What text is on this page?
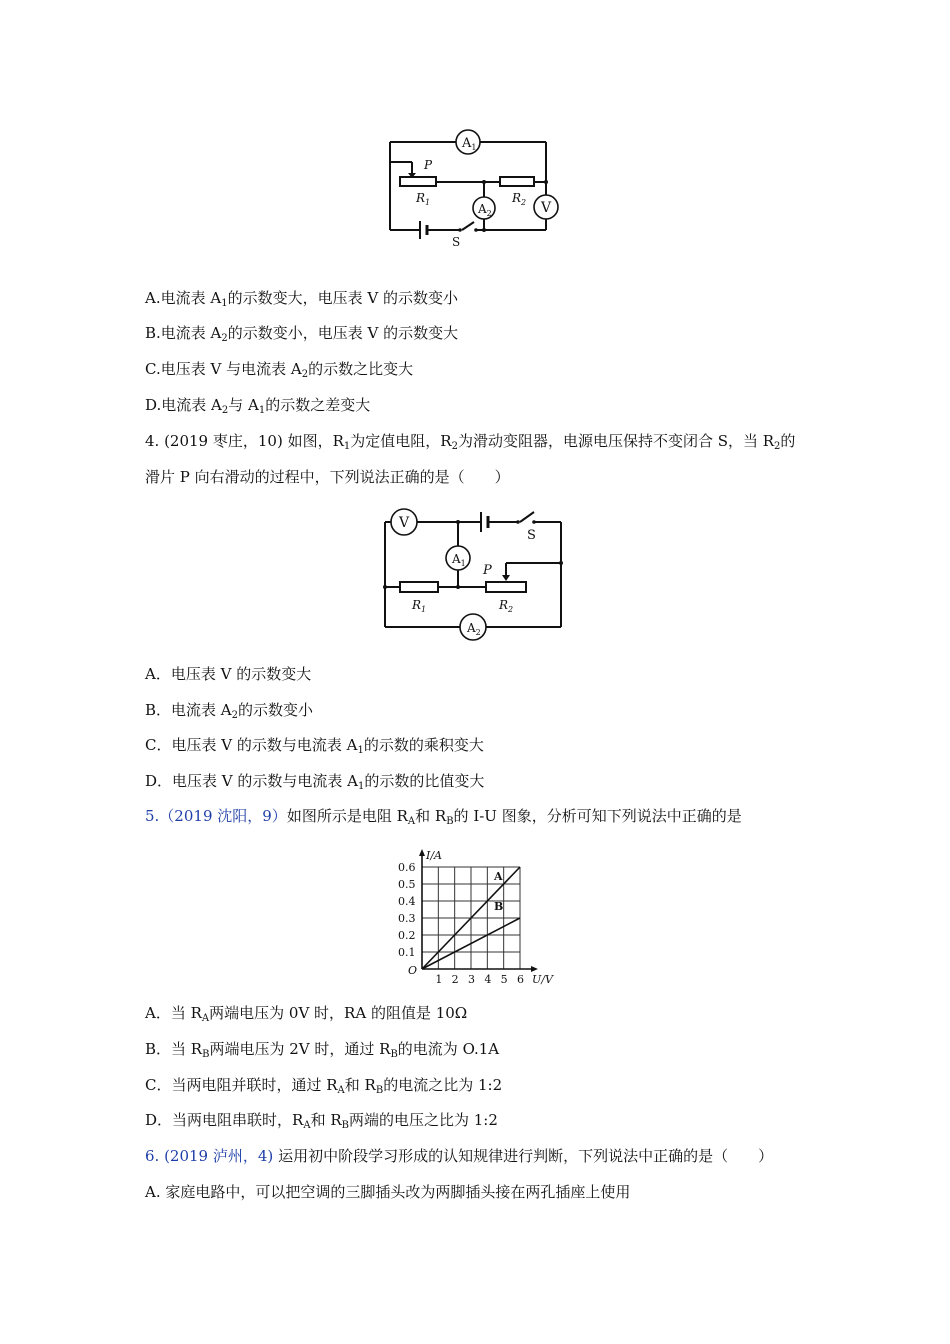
$A_1$
$A_2$	V
P
$R_1$	$R_2$
S
A.电流表 $A_1$的示数变大，电压表 V 的示数变小
B.电流表 $A_2$的示数变小，电压表 V 的示数变大
C.电压表 V 与电流表 $A_2$的示数之比变大
D.电流表 $A_2$与 $A_1$的示数之差变大
4. (2019 枣庄，10) 如图，$R_1$为定值电阻，$R_2$为滑动变阻器，电源电压保持不变闭合 S，当 $R_2$的
滑片 P 向右滑动的过程中，下列说法正确的是（　　）
V
$A_1$
$A_2$
S
P
$R_1$	$R_2$
A．电压表 V 的示数变大
B．电流表 $A_2$的示数变小
C．电压表 V 的示数与电流表 $A_1$的示数的乘积变大
D．电压表 V 的示数与电流表 $A_1$的示数的比值变大
5.（2019 沈阳，9）如图所示是电阻 $R_A$和 $R_B$的 I-U 图象，分析可知下列说法中正确的是
1 2 3 4 5 6
0.1
0.2
0.3
0.4
0.5
0.6
O
U/V
I/A
A
B
A．当 $R_A$两端电压为 0V 时，RA 的阻值是 10Ω
B．当 $R_B$两端电压为 2V 时，通过 $R_B$的电流为 O.1A
C．当两电阻并联时，通过 $R_A$和 $R_B$的电流之比为 1:2
D．当两电阻串联时，$R_A$和 $R_B$两端的电压之比为 1:2
6. (2019 泸州，4) 运用初中阶段学习形成的认知规律进行判断，下列说法中正确的是（　　）
A. 家庭电路中，可以把空调的三脚插头改为两脚插头接在两孔插座上使用
